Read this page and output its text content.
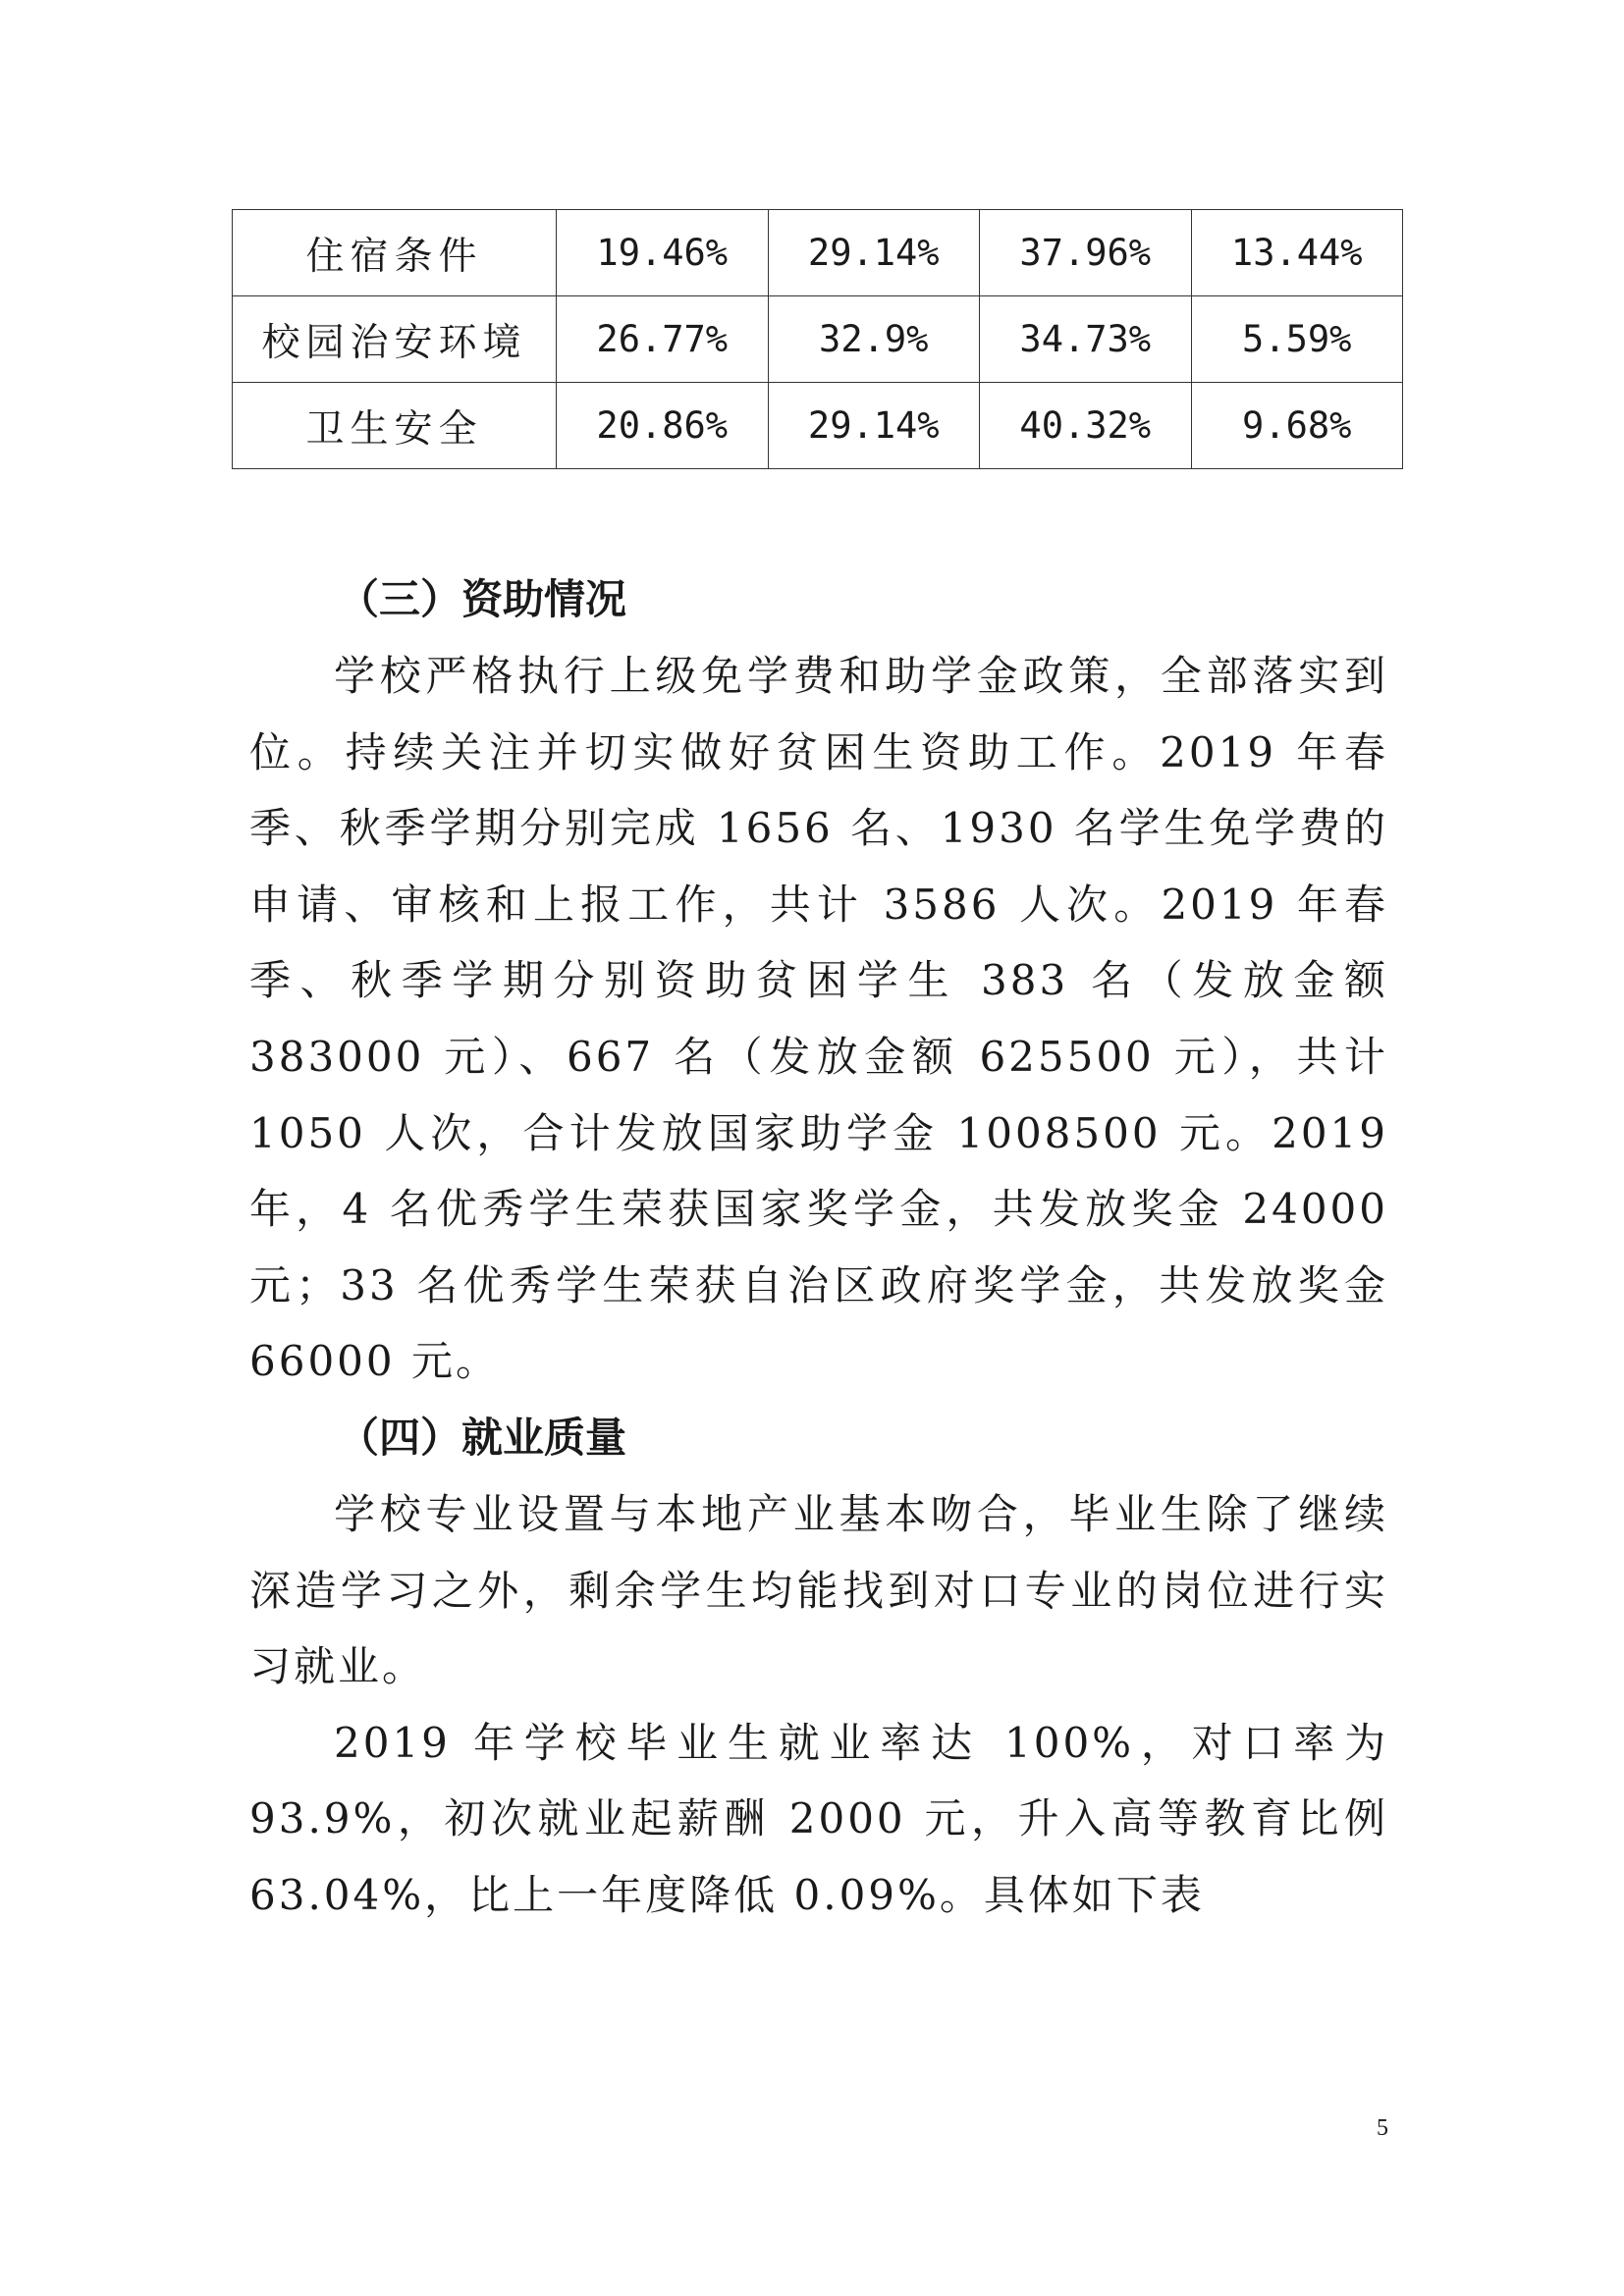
住宿条件	19.46%	29.14%	37.96%	13.44%
校园治安环境	26.77%	32.9%	34.73%	5.59%
卫生安全	20.86%	29.14%	40.32%	9.68%

（三）资助情况

学校严格执行上级免学费和助学金政策，全部落实到位。持续关注并切实做好贫困生资助工作。2019 年春季、秋季学期分别完成 1656 名、1930 名学生免学费的申请、审核和上报工作，共计 3586 人次。2019 年春季、秋季学期分别资助贫困学生 383 名（发放金额 383000 元）、667 名（发放金额 625500 元），共计 1050 人次，合计发放国家助学金 1008500 元。2019 年，4 名优秀学生荣获国家奖学金，共发放奖金 24000 元；33 名优秀学生荣获自治区政府奖学金，共发放奖金 66000 元。

（四）就业质量

学校专业设置与本地产业基本吻合，毕业生除了继续深造学习之外，剩余学生均能找到对口专业的岗位进行实习就业。

2019 年学校毕业生就业率达 100%，对口率为 93.9%，初次就业起薪酬 2000 元，升入高等教育比例 63.04%，比上一年度降低 0.09%。具体如下表

5
